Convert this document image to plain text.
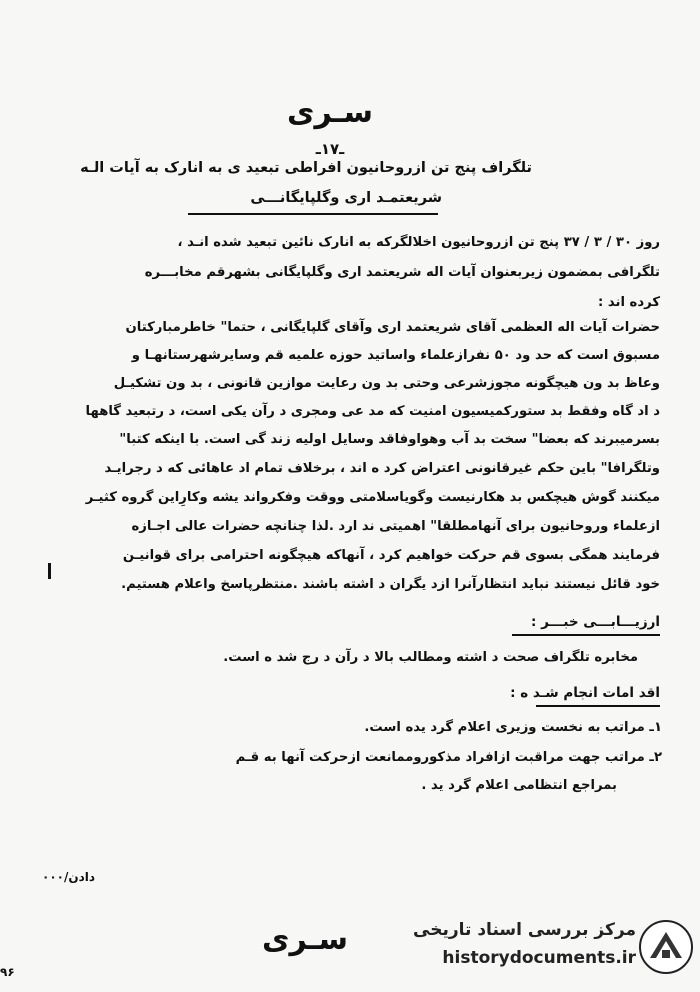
سـری
ـ۱۷ـ
تلگراف پنج تن ازروحانیون افراطی تبعید ی به انارک به آیات الـه
شریعتمـد اری وگلپایگانـــی
روز ۳۰ / ۳ / ۳۷ پنج تن ازروحانیون اخلالگرکه به انارک نائین تبعید شده انـد ،
تلگرافی بمضمون زیربعنوان آیات اله شریعتمد اری وگلپایگانی بشهرقم مخابـــره
کرده اند :
حضرات آیات اله العظمی آقای شریعتمد اری وآقای گلپایگانی ، حتما" خاطرمبارکتان
مسبوق است که حد ود ۵۰ نفرازعلماء واساتید حوزه علمیه قم وسایرشهرستانهـا و
وعاظ بد ون هیچگونه مجوزشرعی وحتی بد ون رعایت موازین قانونی ، بد ون تشکیـل
د اد گاه وفقط بد ستورکمیسیون امنیت که مد عی ومجری د رآن یکی است، د رتبعید گاهها
بسرمیبرند که بعضا" سخت بد آب وهواوفاقد وسایل اولیه زند گی است. با اینکه کتبا"
وتلگرافا" باین حکم غیرقانونی اعتراض کرد ه اند ، برخلاف تمام اد عاهائی که د رجرایـد
میکنند گوش هیچکس بد هکارنیست وگویاسلامتی ووقت وفکرواند یشه وکارِاین گروه کثیـر
ازعلماء وروحانیون برای آنهامطلقا" اهمیتی ند ارد .لذا چنانچه حضرات عالی اجـازه
فرمایند همگی بسوی قم حرکت خواهیم کرد ، آنهاکه هیچگونه احترامی برای قوانیـن
خود قائل نیستند نباید انتظارآنرا ازد یگران د اشته باشند .منتظرپاسخ واعلام هستیم.
ارزیـــابـــی خبـــر :
مخابره تلگراف صحت د اشته ومطالب بالا د رآن د رج شد ه است.
اقد امات انجام شـد ه :
۱ـ مراتب به نخست وزیری اعلام گرد یده است.
۲ـ مراتب جهت مراقبت ازافراد مذکوروممانعت ازحرکت آنها به قـم
بمراجع انتظامی اعلام گرد ید .
دادن/۰۰۰
سـری
۹۶
مرکز بررسی اسناد تاریخی
historydocuments.ir
